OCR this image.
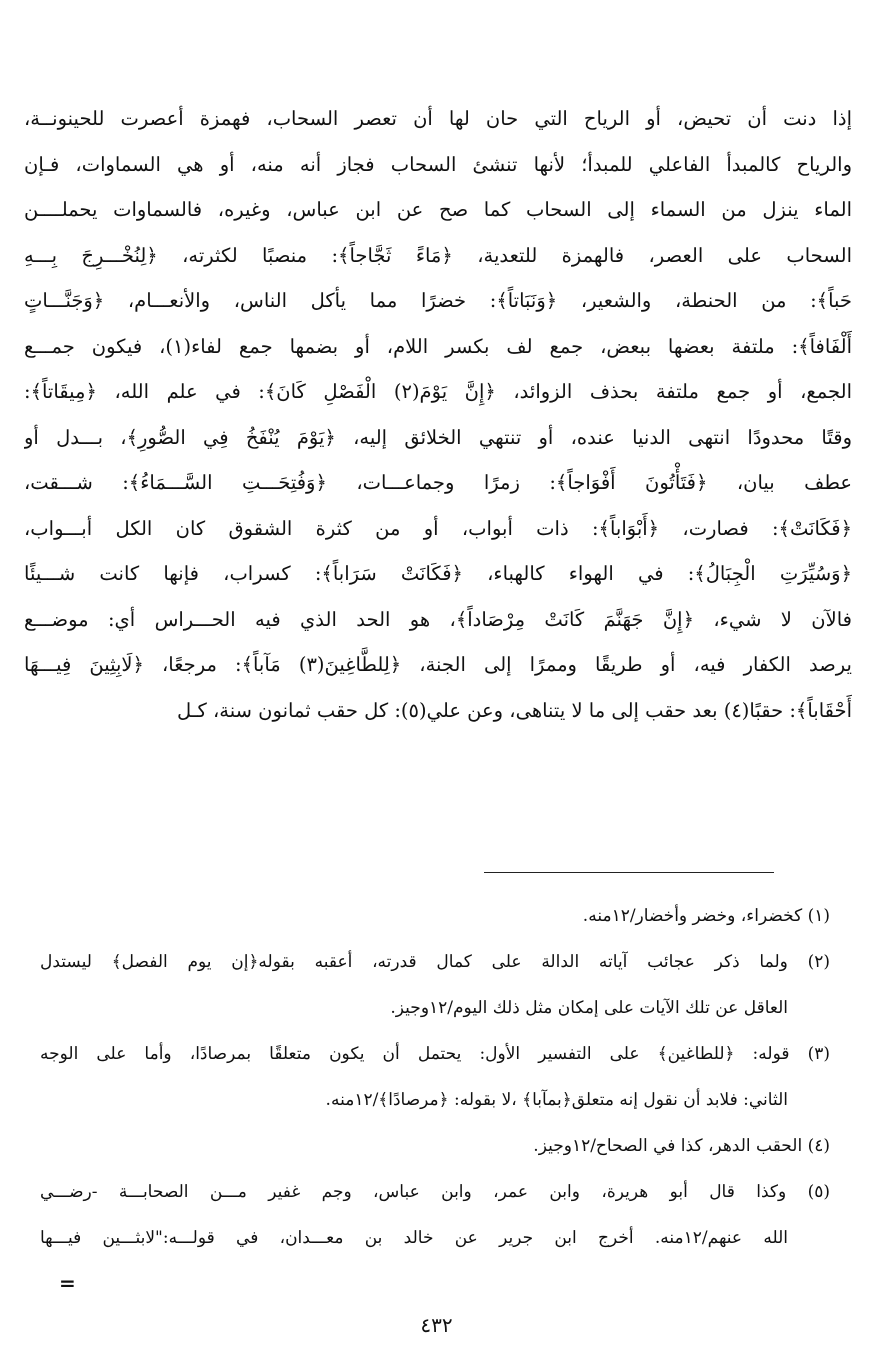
إذا دنت أن تحيض، أو الرياح التي حان لها أن تعصر السحاب، فهمزة أعصرت للحينونــة،
والرياح كالمبدأ الفاعلي للمبدأ؛ لأنها تنشئ السحاب فجاز أنه منه، أو هي السماوات، فـإن
الماء ينزل من السماء إلى السحاب كما صح عن ابن عباس، وغيره، فالسماوات يحملــــن
السحاب على العصر، فالهمزة للتعدية، ﴿مَاءً ثَجَّاجاً﴾: منصبًا لكثرته، ﴿لِنُخْـــرِجَ بِـــهِ
حَباً﴾: من الحنطة، والشعير، ﴿وَنَبَاتاً﴾: خضرًا مما يأكل الناس، والأنعـــام، ﴿وَجَنَّـــاتٍ
أَلْفَافاً﴾: ملتفة بعضها ببعض، جمع لف بكسر اللام، أو بضمها جمع لفاء(١)، فيكون جمـــع
الجمع، أو جمع ملتفة بحذف الزوائد، ﴿إِنَّ يَوْمَ(٢) الْفَصْلِ كَانَ﴾: في علم الله، ﴿مِيقَاتاً﴾:
وقتًا محدودًا انتهى الدنيا عنده، أو تنتهي الخلائق إليه، ﴿يَوْمَ يُنْفَخُ فِي الصُّورِ﴾، بـــدل أو
عطف بيان، ﴿فَتَأْتُونَ أَفْوَاجاً﴾: زمرًا وجماعـــات، ﴿وَفُتِحَـــتِ السَّـــمَاءُ﴾: شـــقت،
﴿فَكَانَتْ﴾: فصارت، ﴿أَبْوَاباً﴾: ذات أبواب، أو من كثرة الشقوق كان الكل أبـــواب،
﴿وَسُيِّرَتِ الْجِبَالُ﴾: في الهواء كالهباء، ﴿فَكَانَتْ سَرَاباً﴾: كسراب، فإنها كانت شـــيئًا
فالآن لا شيء، ﴿إِنَّ جَهَنَّمَ كَانَتْ مِرْصَاداً﴾، هو الحد الذي فيه الحـــراس أي: موضـــع
يرصد الكفار فيه، أو طريقًا وممرًا إلى الجنة، ﴿لِلطَّاغِينَ(٣) مَآباً﴾: مرجعًا، ﴿لَابِثِينَ فِيـــهَا
أَحْقَاباً﴾: حقبًا(٤) بعد حقب إلى ما لا يتناهى، وعن علي(٥): كل حقب ثمانون سنة، كـل
(١) كخضراء، وخضر وأخضار/١٢منه.
(٢) ولما ذكر عجائب آياته الدالة على كمال قدرته، أعقبه بقوله﴿إن يوم الفصل﴾ ليستدل
العاقل عن تلك الآيات على إمكان مثل ذلك اليوم/١٢وجيز.
(٣) قوله: ﴿للطاغين﴾ على التفسير الأول: يحتمل أن يكون متعلقًا بمرصادًا، وأما على الوجه
الثاني: فلابد أن نقول إنه متعلق﴿بمآبا﴾ ،لا بقوله: ﴿مرصادًا﴾/١٢منه.
(٤) الحقب الدهر، كذا في الصحاح/١٢وجيز.
(٥) وكذا قال أبو هريرة، وابن عمر، وابن عباس، وجم غفير مـــن الصحابـــة -رضـــي
الله عنهم/١٢منه. أخرج ابن جرير عن خالد بن معـــدان، في قولـــه:"لابثـــين فيـــها
=
٤٣٢
